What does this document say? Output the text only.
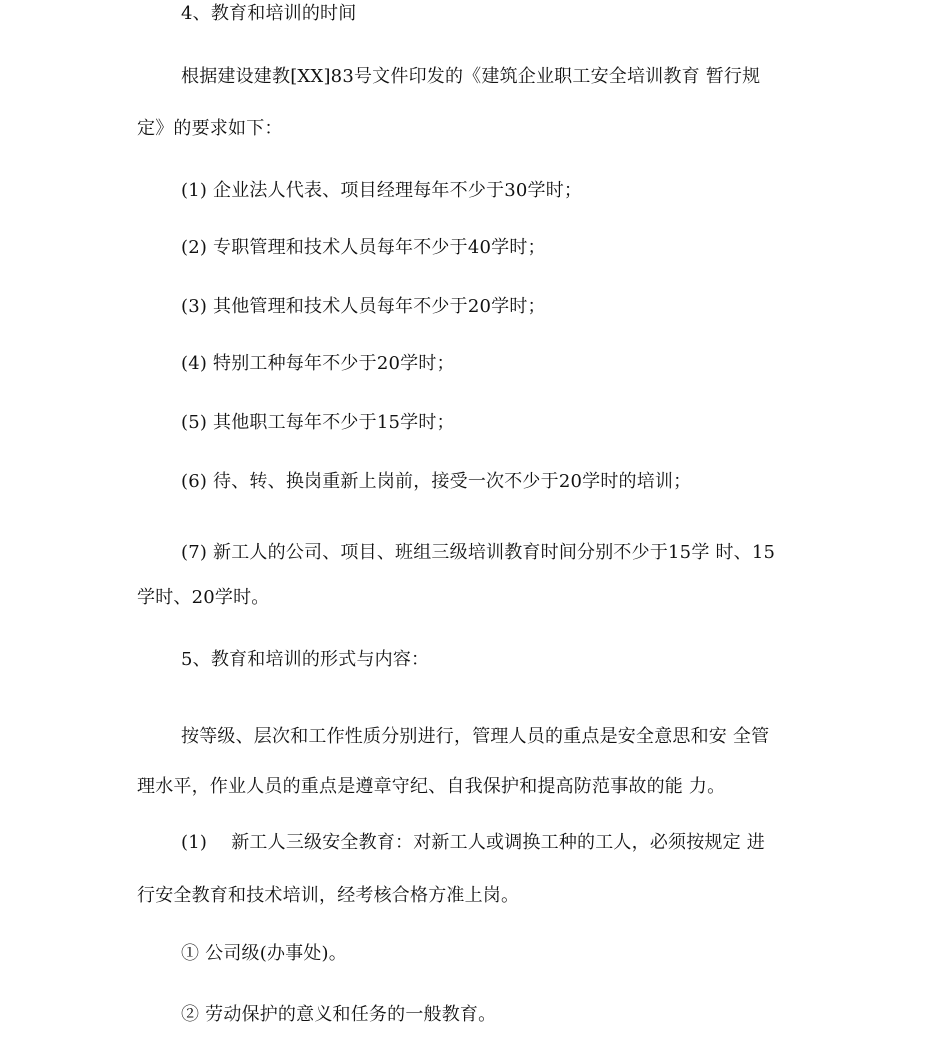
4、教育和培训的时间
根据建设建教[XX]83号文件印发的《建筑企业职工安全培训教育 暂行规
定》的要求如下：
(1) 企业法人代表、项目经理每年不少于30学时；
(2) 专职管理和技术人员每年不少于40学时；
(3) 其他管理和技术人员每年不少于20学时；
(4) 特别工种每年不少于20学时；
(5) 其他职工每年不少于15学时；
(6) 待、转、换岗重新上岗前，接受一次不少于20学时的培训；
(7) 新工人的公司、项目、班组三级培训教育时间分别不少于15学 时、15
学时、20学时。
5、教育和培训的形式与内容：
按等级、层次和工作性质分别进行，管理人员的重点是安全意思和安 全管
理水平，作业人员的重点是遵章守纪、自我保护和提高防范事故的能 力。
(1)　 新工人三级安全教育：对新工人或调换工种的工人，必须按规定 进
行安全教育和技术培训，经考核合格方准上岗。
① 公司级(办事处)。
② 劳动保护的意义和任务的一般教育。
